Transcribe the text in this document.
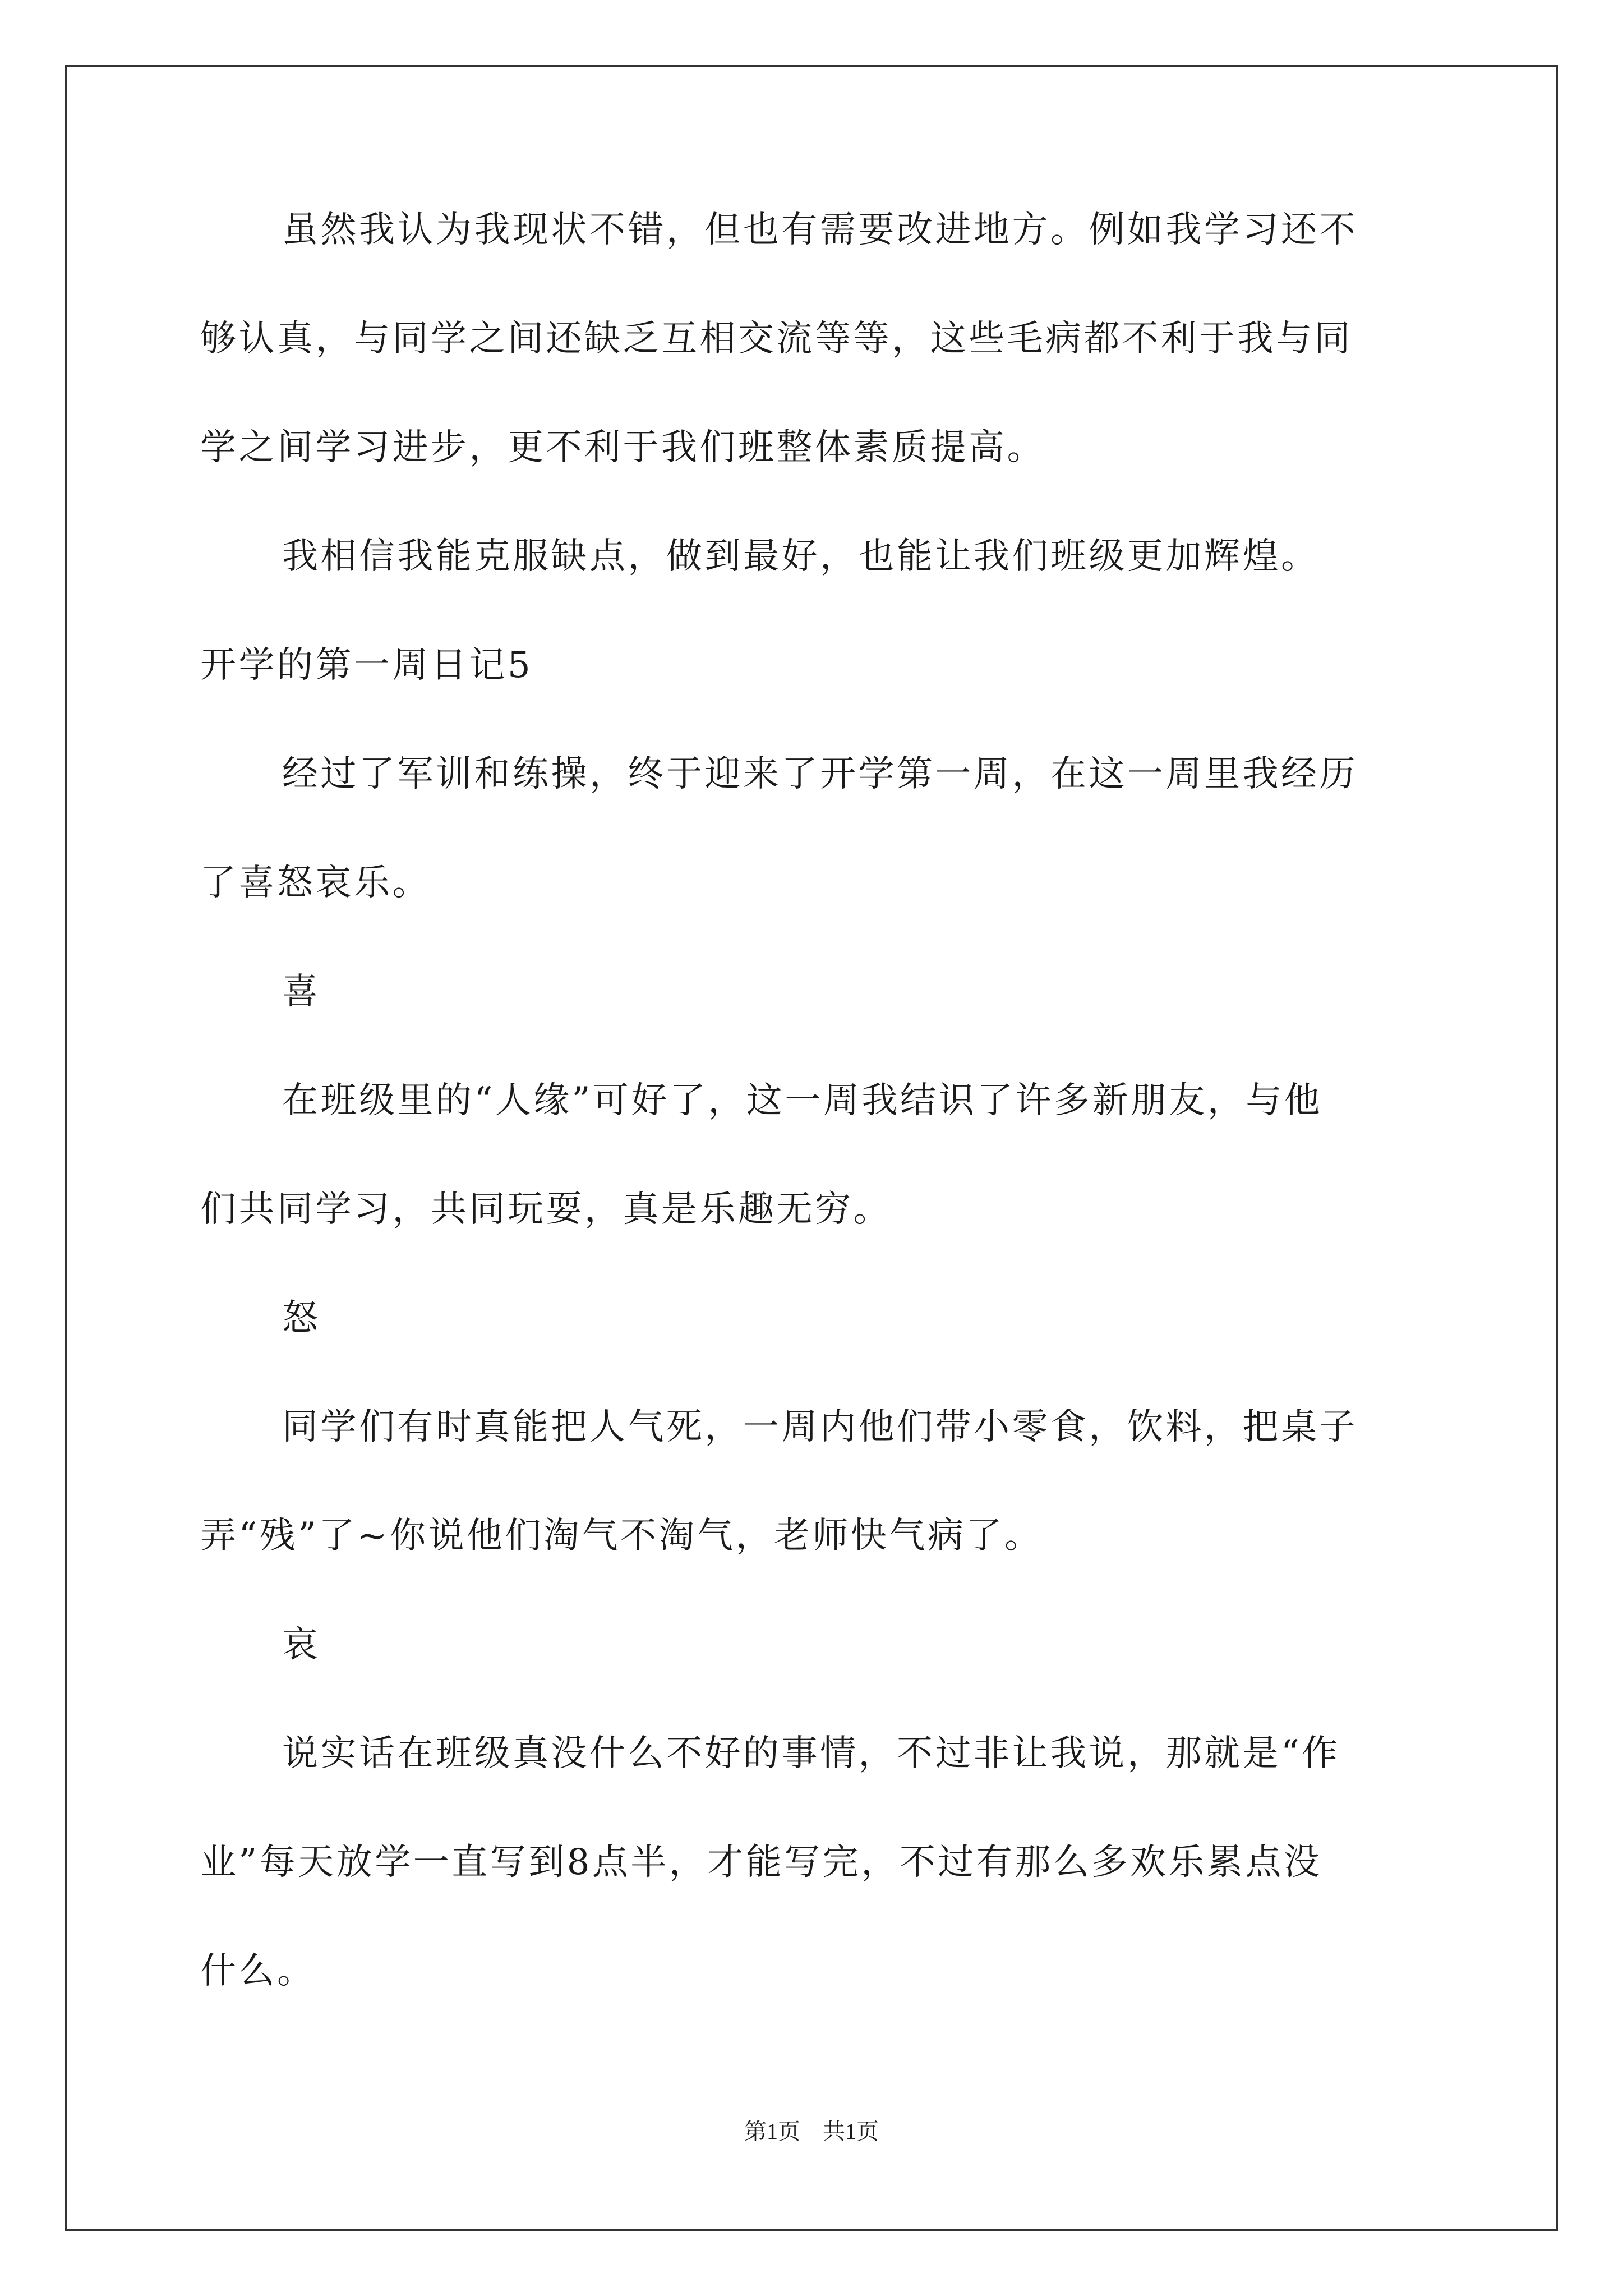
虽然我认为我现状不错，但也有需要改进地方。例如我学习还不
够认真，与同学之间还缺乏互相交流等等，这些毛病都不利于我与同
学之间学习进步，更不利于我们班整体素质提高。
我相信我能克服缺点，做到最好，也能让我们班级更加辉煌。
开学的第一周日记5
经过了军训和练操，终于迎来了开学第一周，在这一周里我经历
了喜怒哀乐。
喜
在班级里的“人缘”可好了，这一周我结识了许多新朋友，与他
们共同学习，共同玩耍，真是乐趣无穷。
怒
同学们有时真能把人气死，一周内他们带小零食，饮料，把桌子
弄“残”了~你说他们淘气不淘气，老师快气病了。
哀
说实话在班级真没什么不好的事情，不过非让我说，那就是“作
业”每天放学一直写到8点半，才能写完，不过有那么多欢乐累点没
什么。
第1页 共1页
